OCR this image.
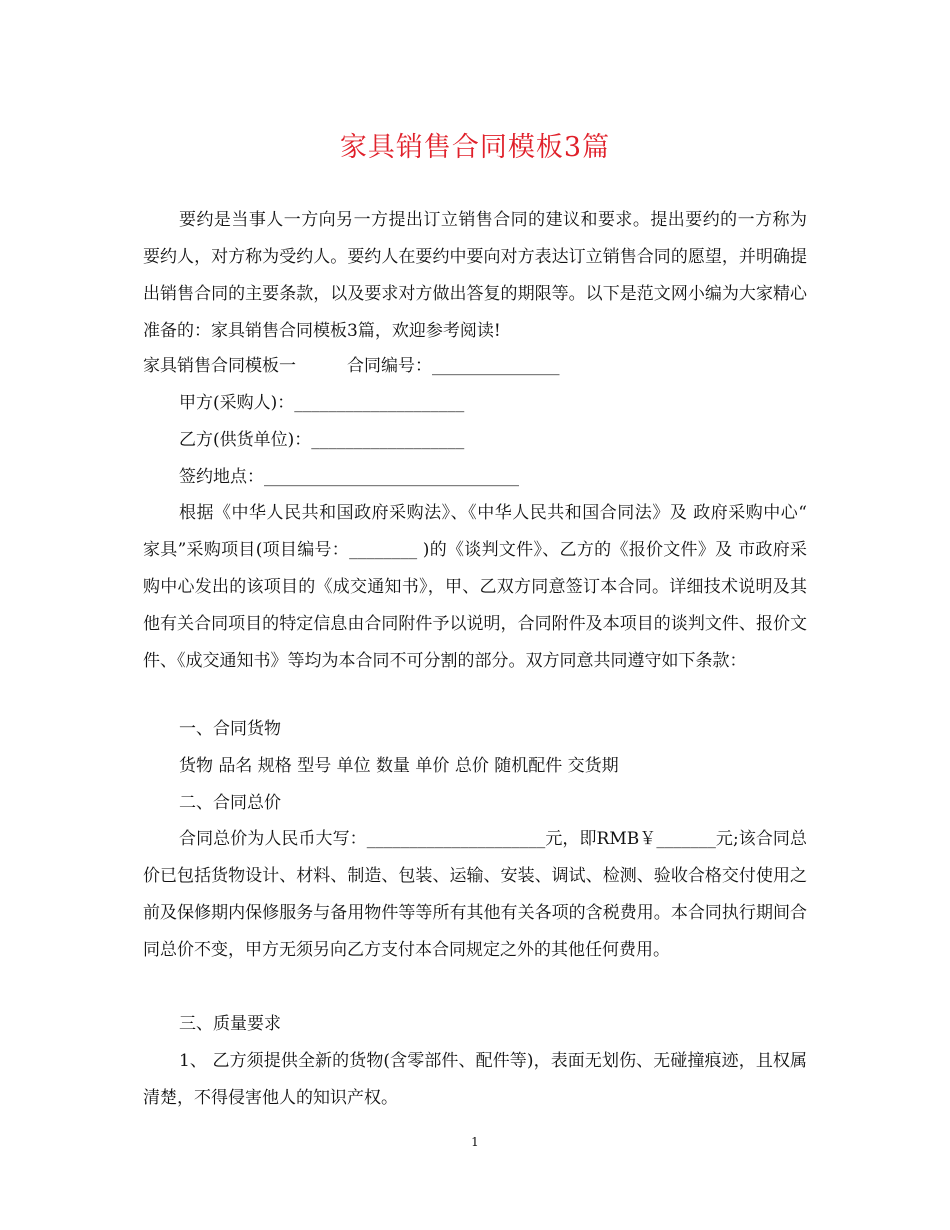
家具销售合同模板3篇
要约是当事人一方向另一方提出订立销售合同的建议和要求。提出要约的一方称为要约人，对方称为受约人。要约人在要约中要向对方表达订立销售合同的愿望，并明确提出销售合同的主要条款，以及要求对方做出答复的期限等。以下是范文网小编为大家精心准备的：家具销售合同模板3篇，欢迎参考阅读!
家具销售合同模板一	合同编号：_______________
甲方(采购人)：____________________
乙方(供货单位)：__________________
签约地点：______________________________
根据《中华人民共和国政府采购法》、《中华人民共和国合同法》及 政府采购中心“ 家具”采购项目(项目编号：________ )的《谈判文件》、乙方的《报价文件》及 市政府采购中心发出的该项目的《成交通知书》，甲、乙双方同意签订本合同。详细技术说明及其他有关合同项目的特定信息由合同附件予以说明，合同附件及本项目的谈判文件、报价文件、《成交通知书》等均为本合同不可分割的部分。双方同意共同遵守如下条款：
一、合同货物
货物 品名 规格 型号 单位 数量 单价 总价 随机配件 交货期
二、合同总价
合同总价为人民币大写：_____________________元，即RMB￥_______元;该合同总价已包括货物设计、材料、制造、包装、运输、安装、调试、检测、验收合格交付使用之前及保修期内保修服务与备用物件等等所有其他有关各项的含税费用。本合同执行期间合同总价不变，甲方无须另向乙方支付本合同规定之外的其他任何费用。
三、质量要求
1、 乙方须提供全新的货物(含零部件、配件等)，表面无划伤、无碰撞痕迹，且权属清楚，不得侵害他人的知识产权。
1
